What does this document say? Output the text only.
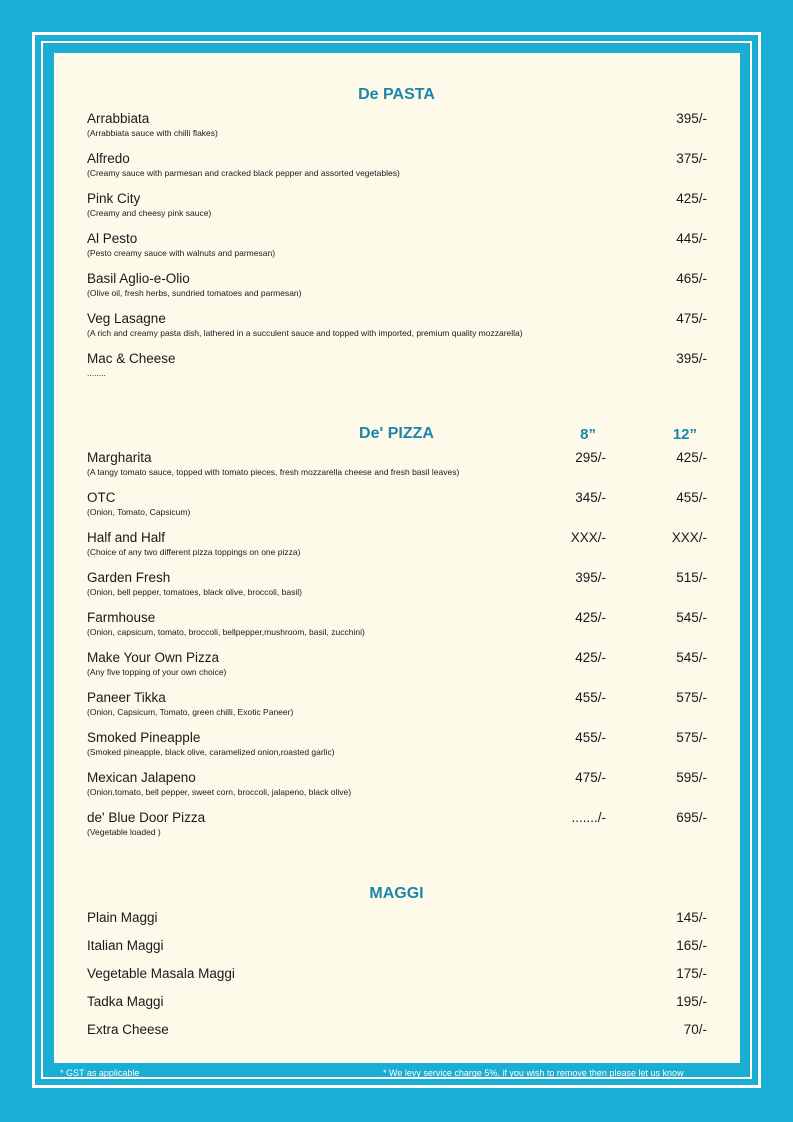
De PASTA
Arrabbiata
(Arrabbiata sauce with chilli flakes)
395/-
Alfredo
(Creamy sauce with parmesan and cracked black pepper and assorted vegetables)
375/-
Pink City
(Creamy and cheesy pink sauce)
425/-
Al Pesto
(Pesto creamy sauce with walnuts and parmesan)
445/-
Basil Aglio-e-Olio
(Olive oil, fresh herbs, sundried tomatoes and parmesan)
465/-
Veg Lasagne
(A rich and creamy pasta dish, lathered in a succulent sauce and topped with imported, premium quality mozzarella)
475/-
Mac & Cheese
........
395/-
De' PIZZA	8”	12”
Margharita
(A tangy tomato sauce, topped with tomato pieces, fresh mozzarella cheese and fresh basil leaves)
295/-	425/-
OTC
(Onion, Tomato, Capsicum)
345/-	455/-
Half and Half
(Choice of any two different pizza toppings on one pizza)
XXX/-	XXX/-
Garden Fresh
(Onion, bell pepper, tomatoes, black olive, broccoli, basil)
395/-	515/-
Farmhouse
(Onion, capsicum, tomato, broccoli, bellpepper,mushroom, basil, zucchini)
425/-	545/-
Make Your Own Pizza
(Any five topping of your own choice)
425/-	545/-
Paneer Tikka
(Onion, Capsicum, Tomato, green chilli, Exotic Paneer)
455/-	575/-
Smoked Pineapple
(Smoked pineapple, black olive, caramelized onion,roasted garlic)
455/-	575/-
Mexican Jalapeno
(Onion,tomato, bell pepper, sweet corn, broccoli, jalapeno, black olive)
475/-	595/-
de' Blue Door Pizza
(Vegetable loaded )
......./-	695/-
MAGGI
Plain Maggi	145/-
Italian Maggi	165/-
Vegetable Masala Maggi	175/-
Tadka Maggi	195/-
Extra Cheese	70/-
* GST as applicable	* We levy service charge 5%, if you wish to remove then please let us know
